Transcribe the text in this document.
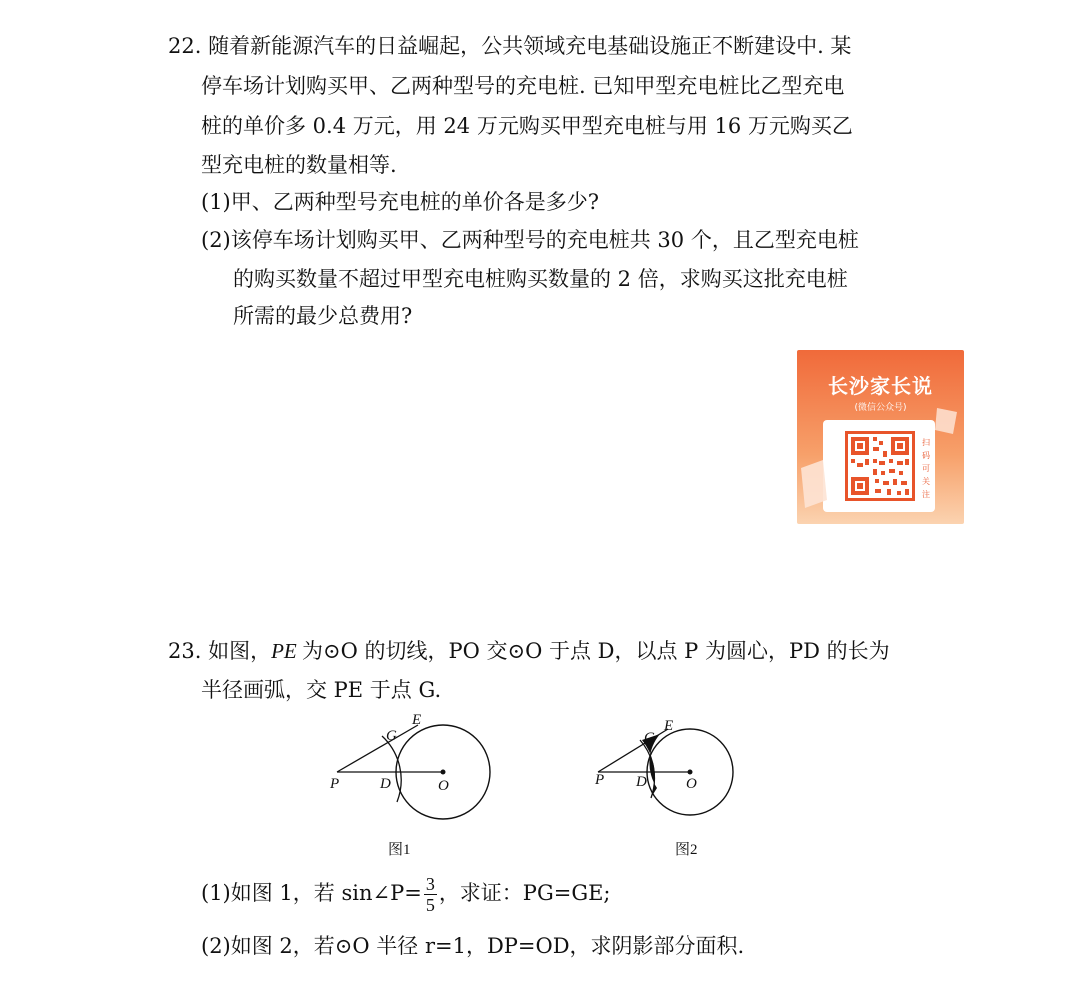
22. 随着新能源汽车的日益崛起，公共领域充电基础设施正不断建设中. 某
停车场计划购买甲、乙两种型号的充电桩. 已知甲型充电桩比乙型充电
桩的单价多 0.4 万元，用 24 万元购买甲型充电桩与用 16 万元购买乙
型充电桩的数量相等.
(1)甲、乙两种型号充电桩的单价各是多少?
(2)该停车场计划购买甲、乙两种型号的充电桩共 30 个，且乙型充电桩
的购买数量不超过甲型充电桩购买数量的 2 倍，求购买这批充电桩
所需的最少总费用?
长沙家长说
(微信公众号)
扫码可关注
23. 如图，PE 为⊙O 的切线，PO 交⊙O 于点 D，以点 P 为圆心，PD 的长为
半径画弧，交 PE 于点 G.
P	D	O
G
E
图1
P D	O
G
E
图2
(1)如图 1，若 sin∠P= $\frac{3}{5}$ ，求证：PG=GE;
(2)如图 2，若⊙O 半径 r=1，DP=OD，求阴影部分面积.
